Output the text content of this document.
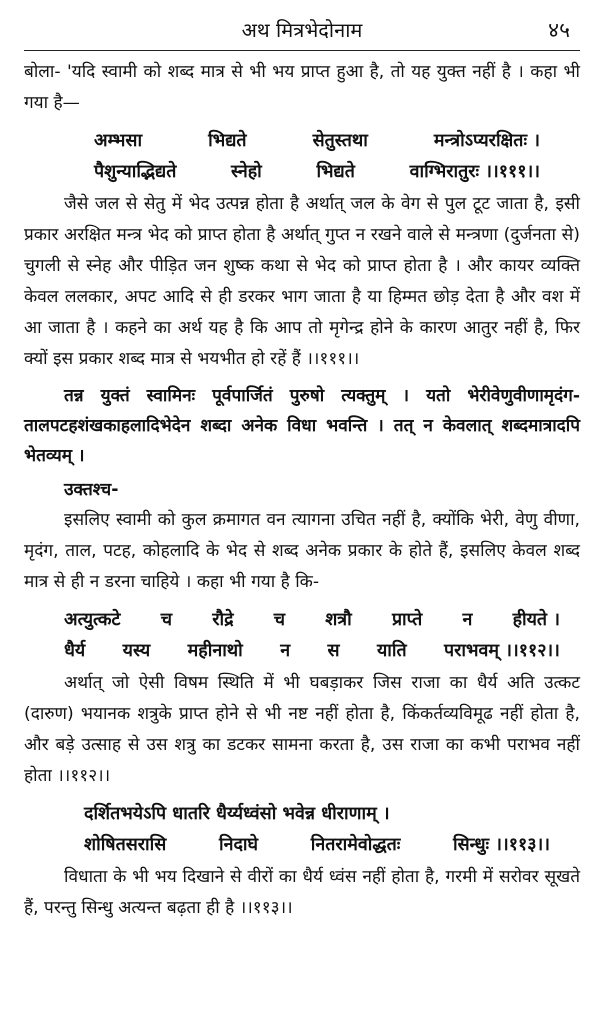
अथ मित्रभेदोनाम	४५

बोला- 'यदि स्वामी को शब्द मात्र से भी भय प्राप्त हुआ है, तो यह युक्त नहीं है । कहा भी गया है—

अम्भसा	भिद्यते	सेतुस्तथा	मन्त्रोऽप्यरक्षितः ।
पैशुन्याद्भिद्यते	स्नेहो	भिद्यते	वाग्भिरातुरः ।।१११।।

जैसे जल से सेतु में भेद उत्पन्न होता है अर्थात् जल के वेग से पुल टूट जाता है, इसी प्रकार अरक्षित मन्त्र भेद को प्राप्त होता है अर्थात् गुप्त न रखने वाले से मन्त्रणा (दुर्जनता से) चुगली से स्नेह और पीड़ित जन शुष्क कथा से भेद को प्राप्त होता है । और कायर व्यक्ति केवल ललकार, अपट आदि से ही डरकर भाग जाता है या हिम्मत छोड़ देता है और वश में आ जाता है । कहने का अर्थ यह है कि आप तो मृगेन्द्र होने के कारण आतुर नहीं है, फिर क्यों इस प्रकार शब्द मात्र से भयभीत हो रहें हैं ।।१११।।

तन्न युक्तं स्वामिनः पूर्वपार्जितं पुरुषो त्यक्तुम् । यतो भेरीवेणुवीणामृदंग-तालपटहशंखकाहलादिभेदेन शब्दा अनेक विधा भवन्ति । तत् न केवलात् शब्दमात्रादपि भेतव्यम् ।

उक्तश्च-

इसलिए स्वामी को कुल क्रमागत वन त्यागना उचित नहीं है, क्योंकि भेरी, वेणु वीणा, मृदंग, ताल, पटह, कोहलादि के भेद से शब्द अनेक प्रकार के होते हैं, इसलिए केवल शब्द मात्र से ही न डरना चाहिये । कहा भी गया है कि-

अत्युत्कटे च रौद्रे च शत्रौ प्राप्ते न हीयते ।
धैर्य यस्य महीनाथो न स याति पराभवम् ।।११२।।

अर्थात् जो ऐसी विषम स्थिति में भी घबड़ाकर जिस राजा का धैर्य अति उत्कट (दारुण) भयानक शत्रुके प्राप्त होने से भी नष्ट नहीं होता है, किंकर्तव्यविमूढ नहीं होता है, और बड़े उत्साह से उस शत्रु का डटकर सामना करता है, उस राजा का कभी पराभव नहीं होता ।।११२।।

दर्शितभयेऽपि धातरि धैर्य्यध्वंसो भवेन्न धीराणाम् ।
शोषितसरासि	निदाघे	नितरामेवोद्धतः	सिन्धुः ।।११३।।

विधाता के भी भय दिखाने से वीरों का धैर्य ध्वंस नहीं होता है, गरमी में सरोवर सूखते हैं, परन्तु सिन्धु अत्यन्त बढ़ता ही है ।।११३।।
